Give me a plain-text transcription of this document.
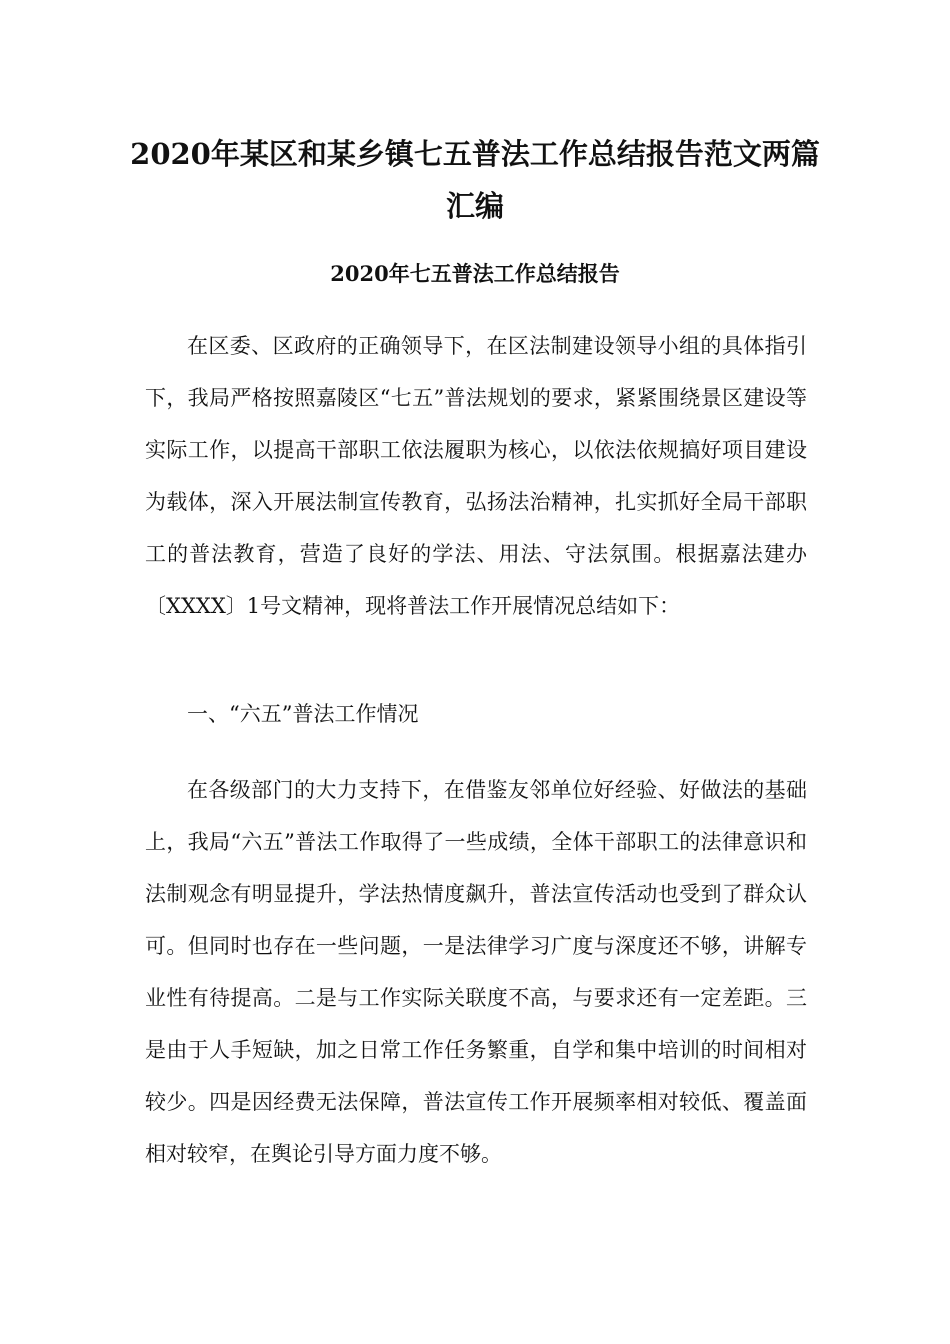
2020年某区和某乡镇七五普法工作总结报告范文两篇汇编
2020年七五普法工作总结报告

在区委、区政府的正确领导下，在区法制建设领导小组的具体指引下，我局严格按照嘉陵区“七五”普法规划的要求，紧紧围绕景区建设等实际工作，以提高干部职工依法履职为核心，以依法依规搞好项目建设为载体，深入开展法制宣传教育，弘扬法治精神，扎实抓好全局干部职工的普法教育，营造了良好的学法、用法、守法氛围。根据嘉法建办〔XXXX〕1号文精神，现将普法工作开展情况总结如下：

一、“六五”普法工作情况

在各级部门的大力支持下，在借鉴友邻单位好经验、好做法的基础上，我局“六五”普法工作取得了一些成绩，全体干部职工的法律意识和法制观念有明显提升，学法热情度飙升，普法宣传活动也受到了群众认可。但同时也存在一些问题，一是法律学习广度与深度还不够，讲解专业性有待提高。二是与工作实际关联度不高，与要求还有一定差距。三是由于人手短缺，加之日常工作任务繁重，自学和集中培训的时间相对较少。四是因经费无法保障，普法宣传工作开展频率相对较低、覆盖面相对较窄，在舆论引导方面力度不够。
